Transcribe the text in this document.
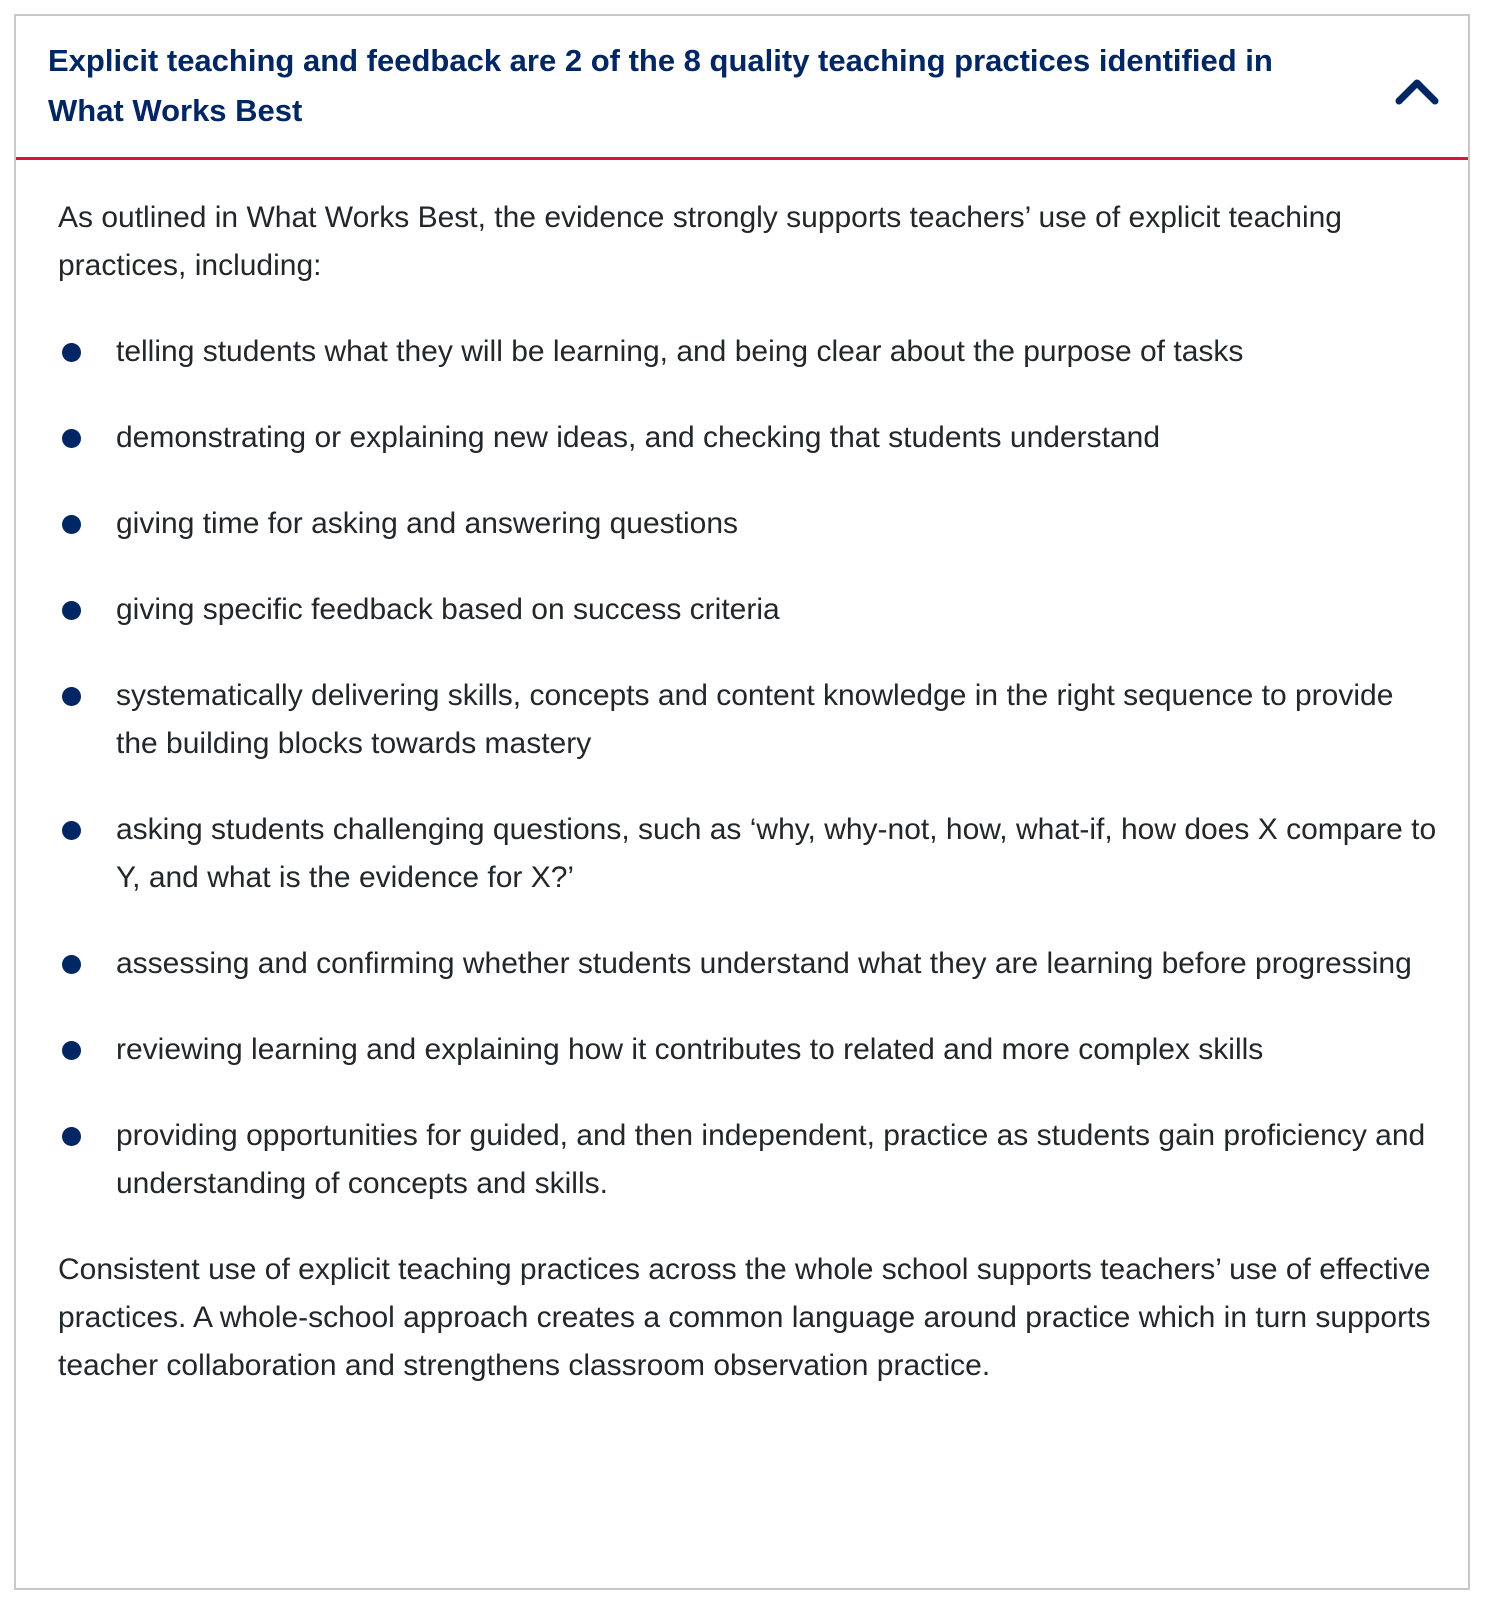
Explicit teaching and feedback are 2 of the 8 quality teaching practices identified in What Works Best

As outlined in What Works Best, the evidence strongly supports teachers’ use of explicit teaching practices, including:

telling students what they will be learning, and being clear about the purpose of tasks
demonstrating or explaining new ideas, and checking that students understand
giving time for asking and answering questions
giving specific feedback based on success criteria
systematically delivering skills, concepts and content knowledge in the right sequence to provide the building blocks towards mastery
asking students challenging questions, such as ‘why, why-not, how, what-if, how does X compare to Y, and what is the evidence for X?’
assessing and confirming whether students understand what they are learning before progressing
reviewing learning and explaining how it contributes to related and more complex skills
providing opportunities for guided, and then independent, practice as students gain proficiency and understanding of concepts and skills.

Consistent use of explicit teaching practices across the whole school supports teachers’ use of effective practices. A whole-school approach creates a common language around practice which in turn supports teacher collaboration and strengthens classroom observation practice.
